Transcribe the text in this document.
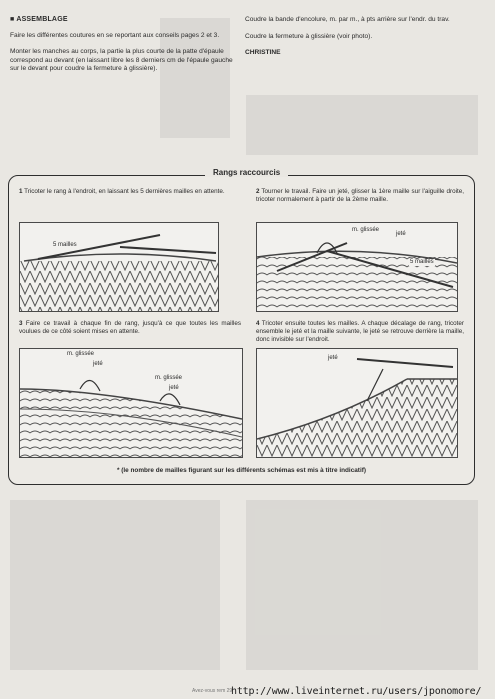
■ ASSEMBLAGE

Faire les différentes coutures en se reportant aux conseils pages 2 et 3.

Monter les manches au corps, la partie la plus courte de la patte d'épaule correspond au devant (en laissant libre les 8 derniers cm de l'épaule gauche sur le devant pour coudre la fermeture à glissière).

Coudre la bande d'encolure, m. par m., à pts arrière sur l'endr. du trav.

Coudre la fermeture à glissière (voir photo).

CHRISTINE

Rangs raccourcis
1 Tricoter le rang à l'endroit, en laissant les 5 dernières mailles en attente.
5 mailles
2 Tourner le travail. Faire un jeté, glisser la 1ère maille sur l'aiguille droite, tricoter normalement à partir de la 2ème maille.
m. glissée
jeté
5 mailles
3 Faire ce travail à chaque fin de rang, jusqu'à ce que toutes les mailles voulues de ce côté soient mises en attente.
m. glissée
jeté
m. glissée
jeté
4 Tricoter ensuite toutes les mailles. A chaque décalage de rang, tricoter ensemble le jeté et la maille suivante, le jeté se retrouve derrière la maille, donc invisible sur l'endroit.
jeté
* (le nombre de mailles figurant sur les différents schémas est mis à titre indicatif)
Avez-vous rem 29
http://www.liveinternet.ru/users/jponomore/
